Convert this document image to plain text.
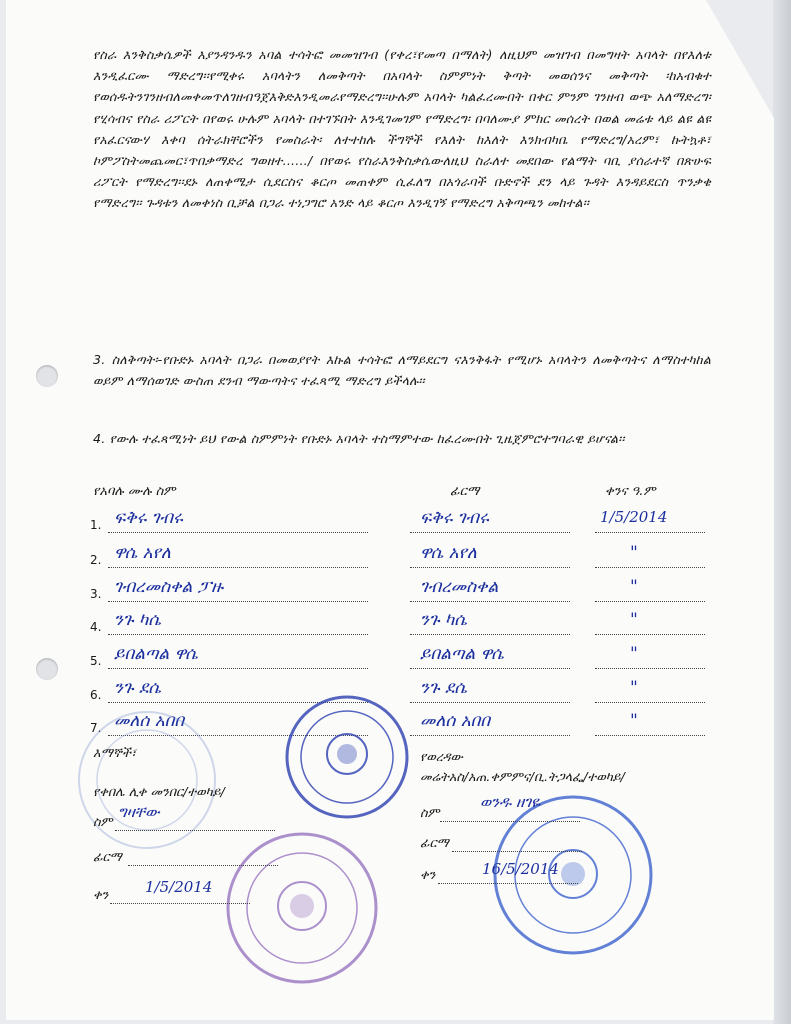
የስራ እንቅስቃሴዎች እያንዳንዱን አባል ተሳትፎ መመዝገብ (የቀረ፣የመጣ በማለት) ለዚህም መዝገብ በመግዛት አባላት በየእለቱ እንዲፈርሙ ማድረግ፡፡የሚቀሩ አባላትን ለመቅጣት በአባላት ስምምነት ቅጣት መወሰንና መቅጣት ፡ከአብቁተ የወሰዱትንገንዘብለመቀመጥለገዘብዓጀእቅድእንዲመራየማድረግ፡፡ሁሉም አባላት ካልፈረሙበት በቀር ምንም ገንዘብ ወጭ አለማድረግ፡ የሂሳብና የስራ ሪፖርት በየወሩ ሁሉም አባላት በተገኙበት እንዲገመገም የማድረግ፡ በባለሙያ ምክር መሰረት በወል መሬቱ ላይ ልዩ ልዩ የአፈርናውሃ እቀባ ሰትራክቸሮችን የመስራት፡ ለተተከሉ ችግኞች የእለት ከእለት እንክብካቤ የማድረግ/አረም፣ ኩትኳቶ፣ ኮምፖስትመጨመር፣ጥበቃማድረ ግወዘተ....../ በየወሩ የስራእንቅስቃሴውለዚህ ስራለተ መደበው የልማት ባቢ ያሰራተኛ በጽሁፍ ሪፖርት የማድረግ፡፡ደኑ ለጠቀሜታ ሲደርስና ቆርጦ መጠቀም ሲፈለግ በአጎራባች ቡድኖች ደን ላይ ጉዳት እንዳይደርስ ጥንቃቄ የማድረግ፡፡ ጉዳቱን ለመቀነስ ቢቻል በጋራ ተነጋግሮ አንድ ላይ ቆርጦ እንዲገኝ የማድረግ አቅጣጫን መከተል፡፡
3. ስለቅጣት፡-የቡድኑ አባላት በጋራ በመወያየት እኩል ተሳትፎ ለማይደርግ ናእንቅፋት የሚሆኑ አባላትን ለመቅጣትና ለማስተካከል ወይም ለማሰወገድ ውስጠ ደንብ ማውጣትና ተፈጻሚ ማድረግ ይችላሉ፡፡
4. የውሉ ተፈጻሚነት ይህ የውል ስምምነት የቡድኑ አባላት ተስማምተው ከፈረሙበት ጊዜጀምሮተግባራዊ ይሆናል፡፡
የአባሉ ሙሉ ስም	ፊርማ	ቀንና ዓ.ም
1. ፍቅሩ ገብሩ	ፍቅሩ ገብሩ	1/5/2014
2. ዋሴ አየለ	ዋሴ አየለ	"
3. ገብረመስቀል ፓዙ	ገብረመስቀል	"
4. ንጉ ካሴ	ንጉ ካሴ	"
5. ይበልጣል ዋሴ	ይበልጣል ዋሴ	"
6. ንጉ ደሴ	ንጉ ደሴ	"
7. መለሰ አበበ	መለሰ አበበ	"
እማኞች፣
የቀበሌ ሊቀ መንበር/ተወካይ/
ስም
ግዛቸው
ፊርማ
ቀን 1/5/2014
የወረዳው
መሬትአስ/አጠ.ቀምምና/ቢ.ትጋላፌ/ተወካይ/
ስም
ወንዱ ዘገዬ
ፊርማ
ቀን	16/5/2014
